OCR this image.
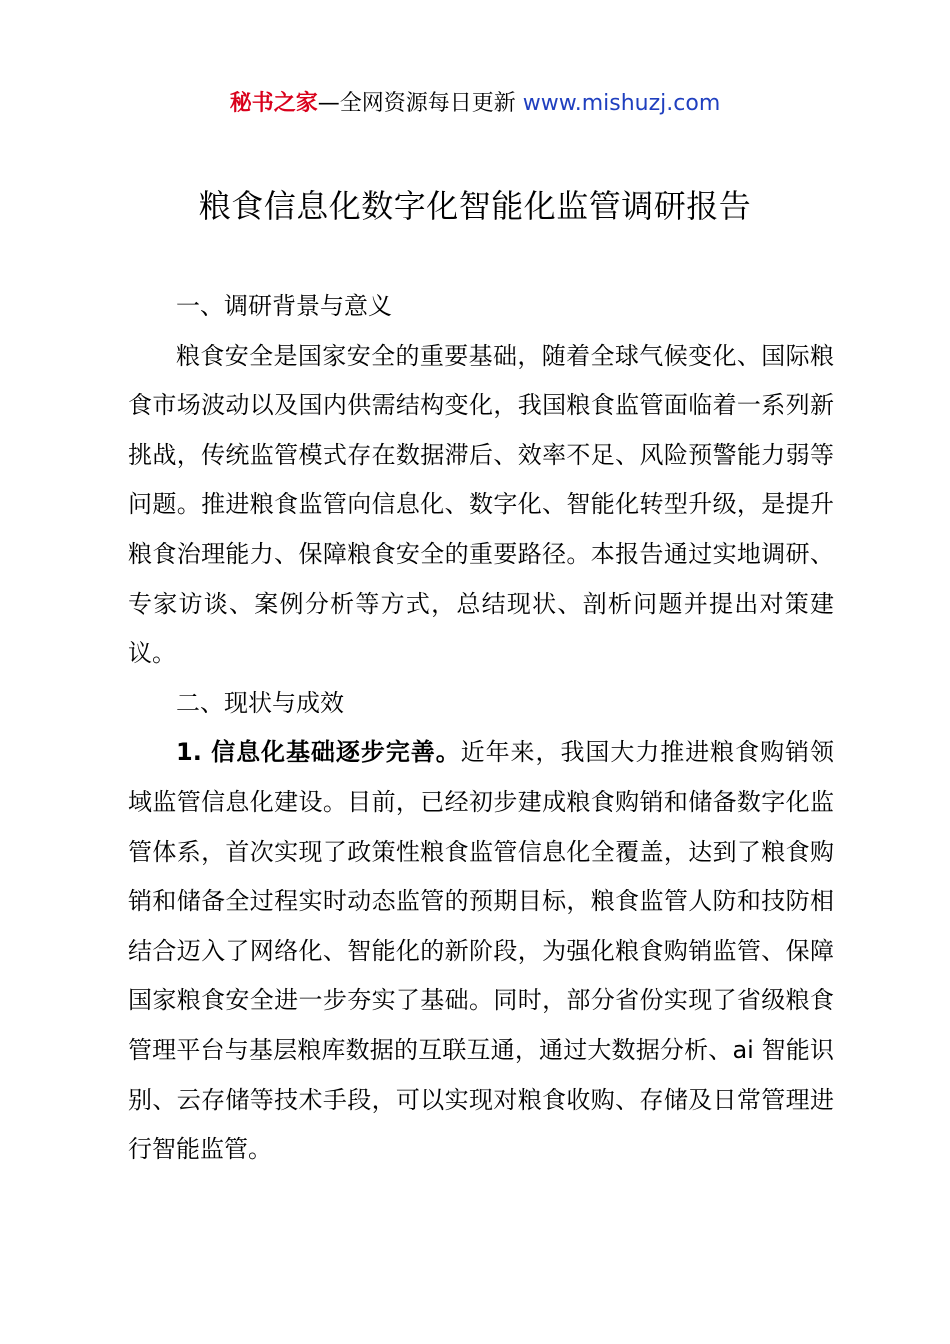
秘书之家—全网资源每日更新 www.mishuzj.com
粮食信息化数字化智能化监管调研报告

一、调研背景与意义

粮食安全是国家安全的重要基础，随着全球气候变化、国际粮食市场波动以及国内供需结构变化，我国粮食监管面临着一系列新挑战，传统监管模式存在数据滞后、效率不足、风险预警能力弱等问题。推进粮食监管向信息化、数字化、智能化转型升级，是提升粮食治理能力、保障粮食安全的重要路径。本报告通过实地调研、专家访谈、案例分析等方式，总结现状、剖析问题并提出对策建议。

二、现状与成效

1. 信息化基础逐步完善。近年来，我国大力推进粮食购销领域监管信息化建设。目前，已经初步建成粮食购销和储备数字化监管体系，首次实现了政策性粮食监管信息化全覆盖，达到了粮食购销和储备全过程实时动态监管的预期目标，粮食监管人防和技防相结合迈入了网络化、智能化的新阶段，为强化粮食购销监管、保障国家粮食安全进一步夯实了基础。同时，部分省份实现了省级粮食管理平台与基层粮库数据的互联互通，通过大数据分析、ai 智能识别、云存储等技术手段，可以实现对粮食收购、存储及日常管理进行智能监管。
